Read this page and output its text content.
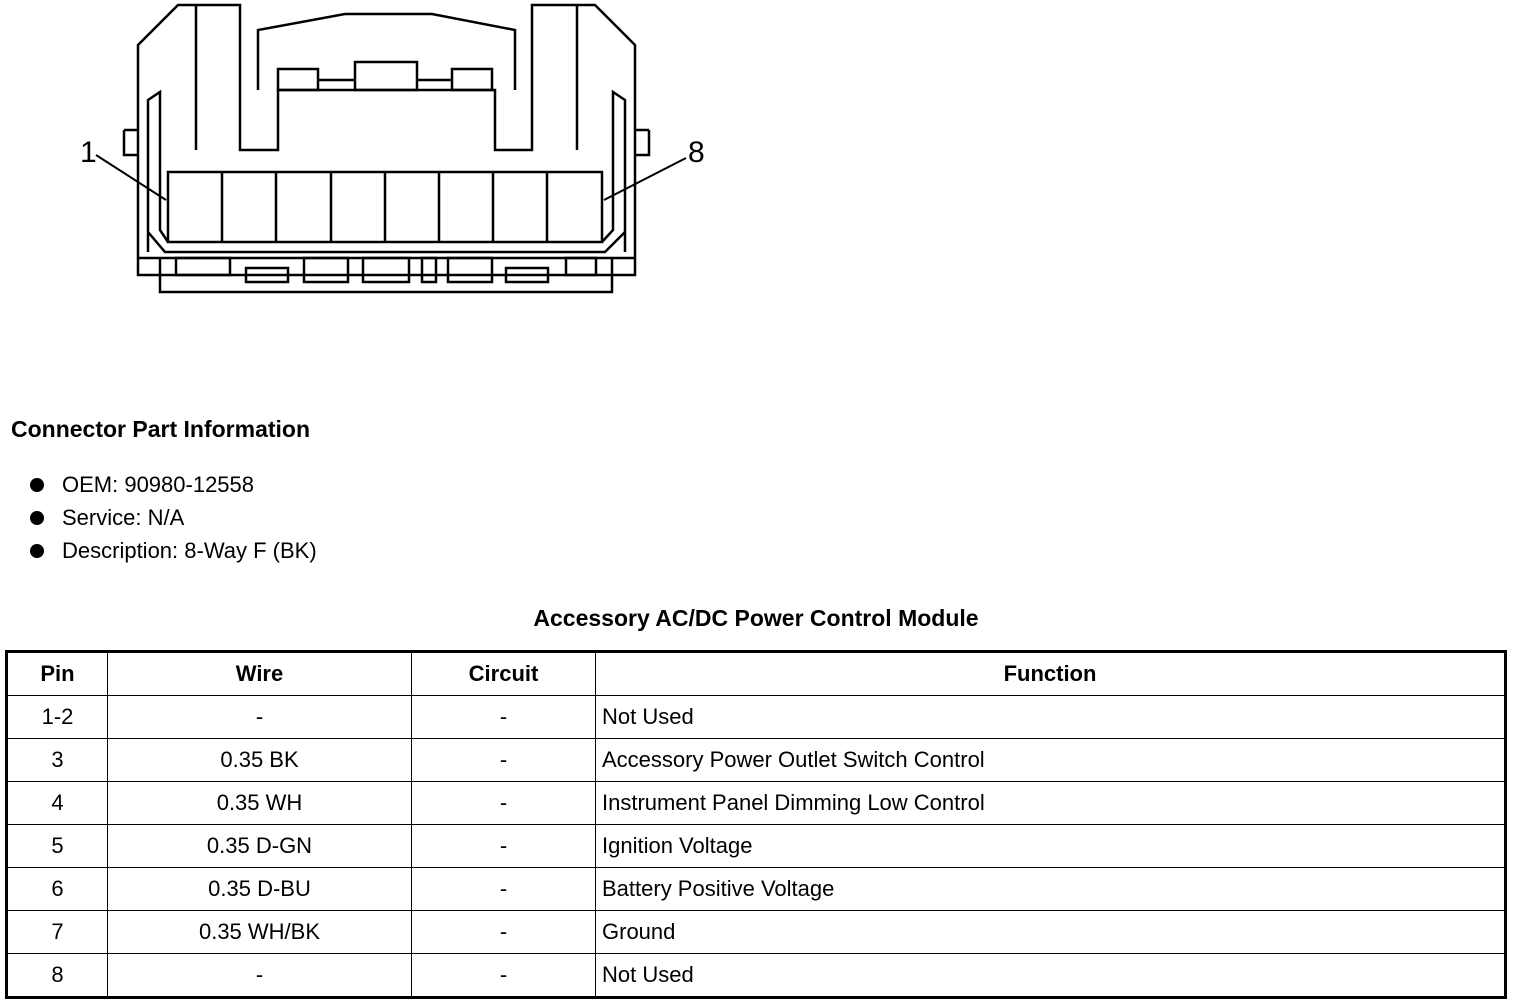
1	8
Connector Part Information
OEM: 90980-12558
Service: N/A
Description: 8-Way F (BK)
Accessory AC/DC Power Control Module
Pin	Wire	Circuit	Function
1-2	-	-	Not Used
3	0.35 BK	-	Accessory Power Outlet Switch Control
4	0.35 WH	-	Instrument Panel Dimming Low Control
5	0.35 D-GN	-	Ignition Voltage
6	0.35 D-BU	-	Battery Positive Voltage
7	0.35 WH/BK	-	Ground
8	-	-	Not Used
